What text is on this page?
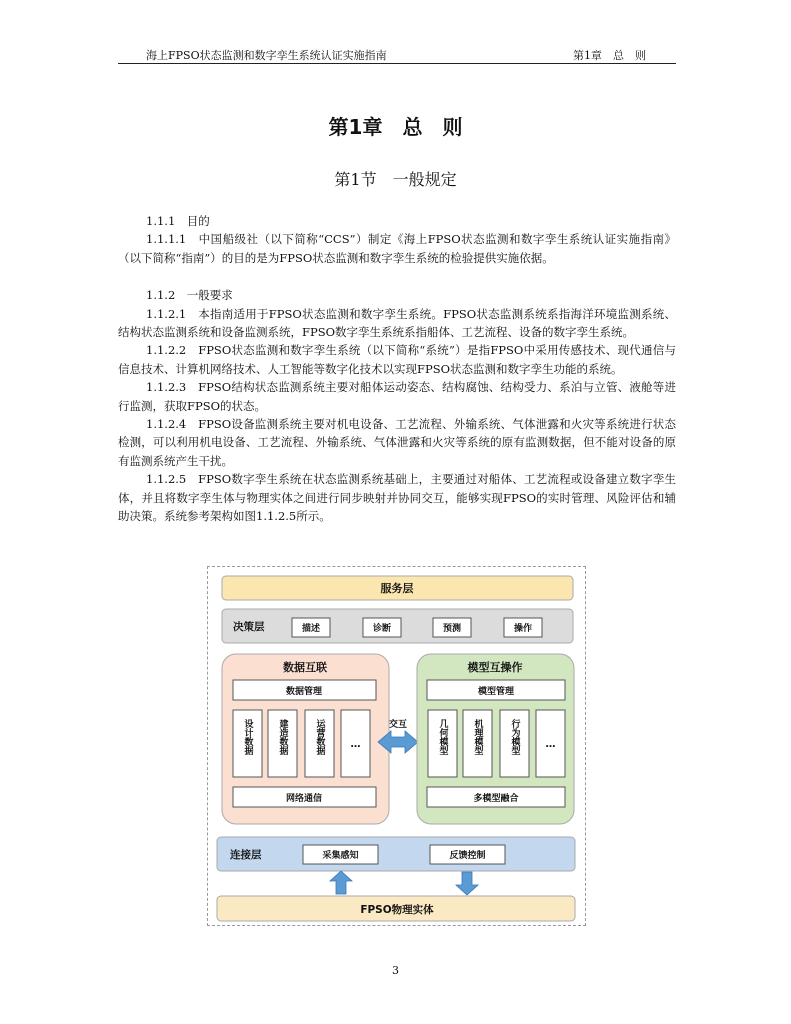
海上FPSO状态监测和数字孪生系统认证实施指南	第1章　总　则
第1章　总　则
第1节　一般规定

1.1.1　目的

1.1.1.1　中国船级社（以下简称“CCS”）制定《海上FPSO状态监测和数字孪生系统认证实施指南》（以下简称“指南”）的目的是为FPSO状态监测和数字孪生系统的检验提供实施依据。

1.1.2　一般要求

1.1.2.1　本指南适用于FPSO状态监测和数字孪生系统。FPSO状态监测系统系指海洋环境监测系统、结构状态监测系统和设备监测系统，FPSO数字孪生系统系指船体、工艺流程、设备的数字孪生系统。

1.1.2.2　FPSO状态监测和数字孪生系统（以下简称“系统”）是指FPSO中采用传感技术、现代通信与信息技术、计算机网络技术、人工智能等数字化技术以实现FPSO状态监测和数字孪生功能的系统。

1.1.2.3　FPSO结构状态监测系统主要对船体运动姿态、结构腐蚀、结构受力、系泊与立管、液舱等进行监测，获取FPSO的状态。

1.1.2.4　FPSO设备监测系统主要对机电设备、工艺流程、外输系统、气体泄露和火灾等系统进行状态检测，可以利用机电设备、工艺流程、外输系统、气体泄露和火灾等系统的原有监测数据，但不能对设备的原有监测系统产生干扰。

1.1.2.5　FPSO数字孪生系统在状态监测系统基础上，主要通过对船体、工艺流程或设备建立数字孪生体，并且将数字孪生体与物理实体之间进行同步映射并协同交互，能够实现FPSO的实时管理、风险评估和辅助决策。系统参考架构如图1.1.2.5所示。

服务层
决策层	描述	诊断	预测	操作
数据互联
数据管理
设计数据	建造数据	运营数据	…
网络通信
交互
模型互操作
模型管理
几何模型	机理模型	行为模型	…
多模型融合
连接层	采集感知	反馈控制
FPSO物理实体
3
